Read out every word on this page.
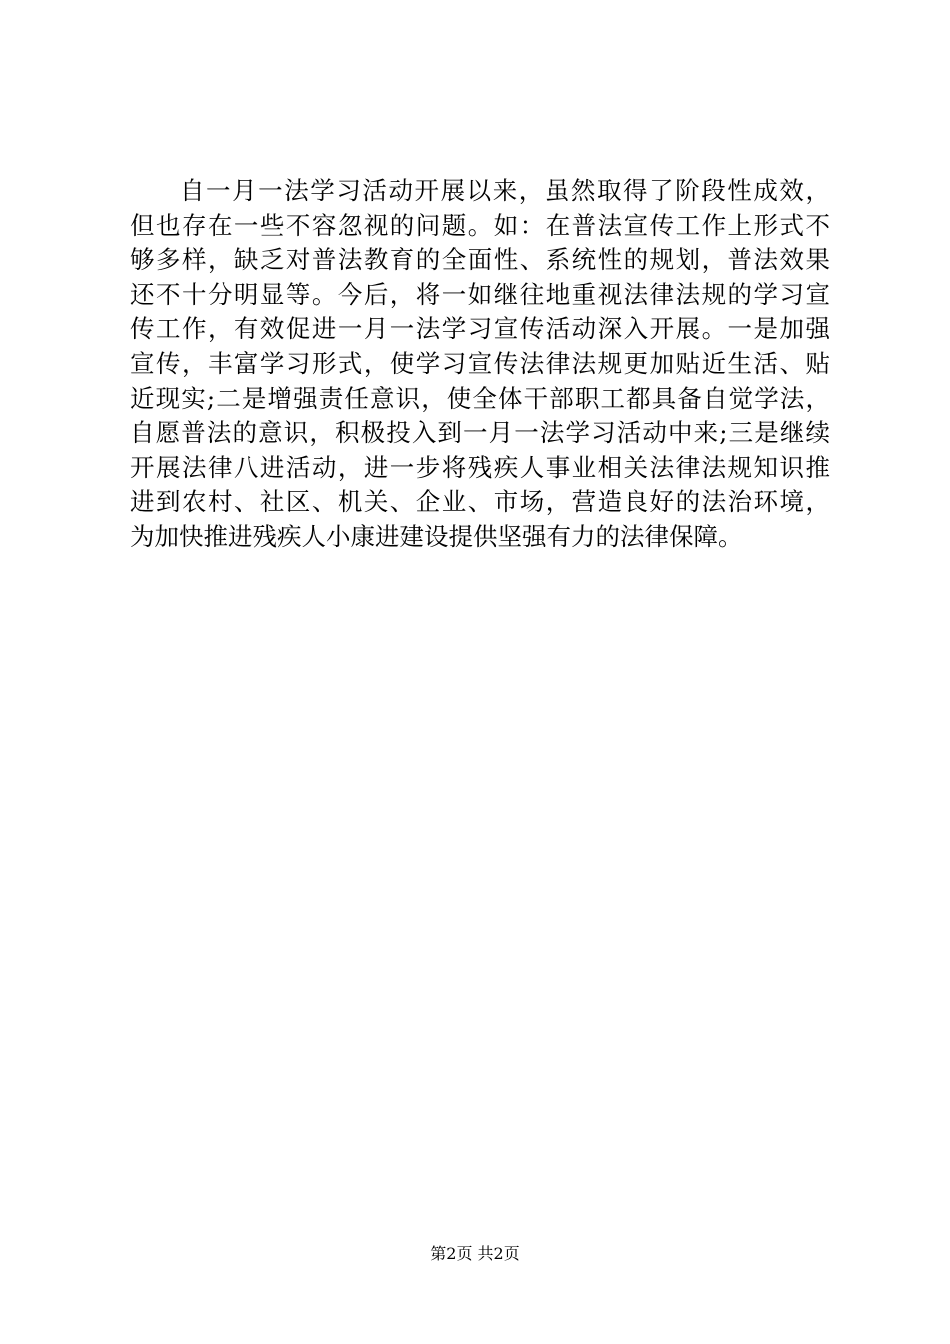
自一月一法学习活动开展以来，虽然取得了阶段性成效，
但也存在一些不容忽视的问题。如：在普法宣传工作上形式不
够多样，缺乏对普法教育的全面性、系统性的规划，普法效果
还不十分明显等。今后，将一如继往地重视法律法规的学习宣
传工作，有效促进一月一法学习宣传活动深入开展。一是加强
宣传，丰富学习形式，使学习宣传法律法规更加贴近生活、贴
近现实;二是增强责任意识，使全体干部职工都具备自觉学法，
自愿普法的意识，积极投入到一月一法学习活动中来;三是继续
开展法律八进活动，进一步将残疾人事业相关法律法规知识推
进到农村、社区、机关、企业、市场，营造良好的法治环境，
为加快推进残疾人小康进建设提供坚强有力的法律保障。
第2页 共2页
